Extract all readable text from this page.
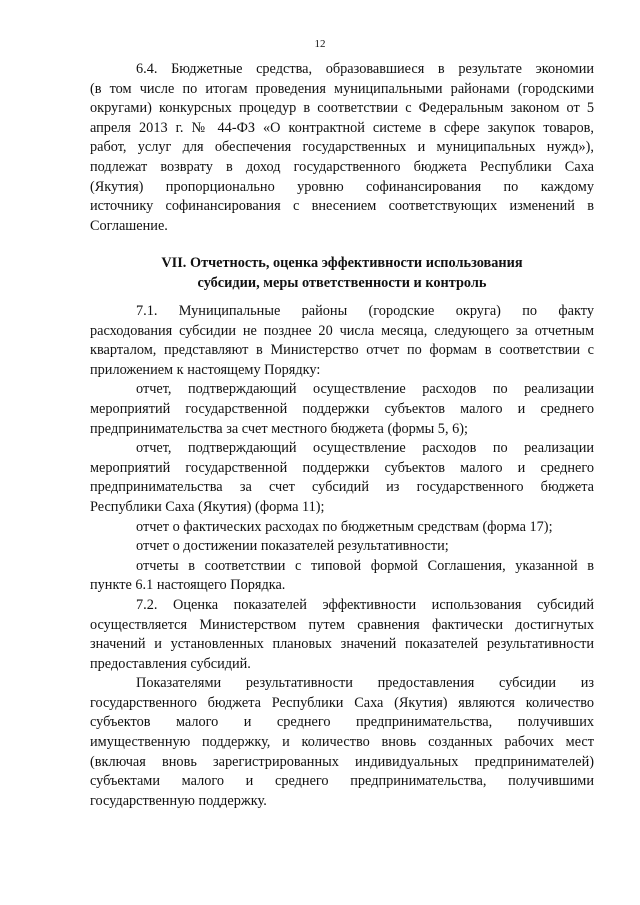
12
6.4. Бюджетные средства, образовавшиеся в результате экономии
(в том числе по итогам проведения муниципальными районами (городскими
округами) конкурсных процедур в соответствии с Федеральным законом от 5
апреля 2013 г. № 44-ФЗ «О контрактной системе в сфере закупок товаров,
работ, услуг для обеспечения государственных и муниципальных нужд»),
подлежат возврату в доход государственного бюджета Республики Саха
(Якутия) пропорционально уровню софинансирования по каждому
источнику софинансирования с внесением соответствующих изменений в
Соглашение.
VII. Отчетность, оценка эффективности использования
субсидии, меры ответственности и контроль
7.1. Муниципальные районы (городские округа) по факту
расходования субсидии не позднее 20 числа месяца, следующего за отчетным
кварталом, представляют в Министерство отчет по формам в соответствии с
приложением к настоящему Порядку:
отчет, подтверждающий осуществление расходов по реализации
мероприятий государственной поддержки субъектов малого и среднего
предпринимательства за счет местного бюджета (формы 5, 6);
отчет, подтверждающий осуществление расходов по реализации
мероприятий государственной поддержки субъектов малого и среднего
предпринимательства за счет субсидий из государственного бюджета
Республики Саха (Якутия) (форма 11);
отчет о фактических расходах по бюджетным средствам (форма 17);
отчет о достижении показателей результативности;
отчеты в соответствии с типовой формой Соглашения, указанной в
пункте 6.1 настоящего Порядка.
7.2. Оценка показателей эффективности использования субсидий
осуществляется Министерством путем сравнения фактически достигнутых
значений и установленных плановых значений показателей результативности
предоставления субсидий.
Показателями результативности предоставления субсидии из
государственного бюджета Республики Саха (Якутия) являются количество
субъектов малого и среднего предпринимательства, получивших
имущественную поддержку, и количество вновь созданных рабочих мест
(включая вновь зарегистрированных индивидуальных предпринимателей)
субъектами малого и среднего предпринимательства, получившими
государственную поддержку.
